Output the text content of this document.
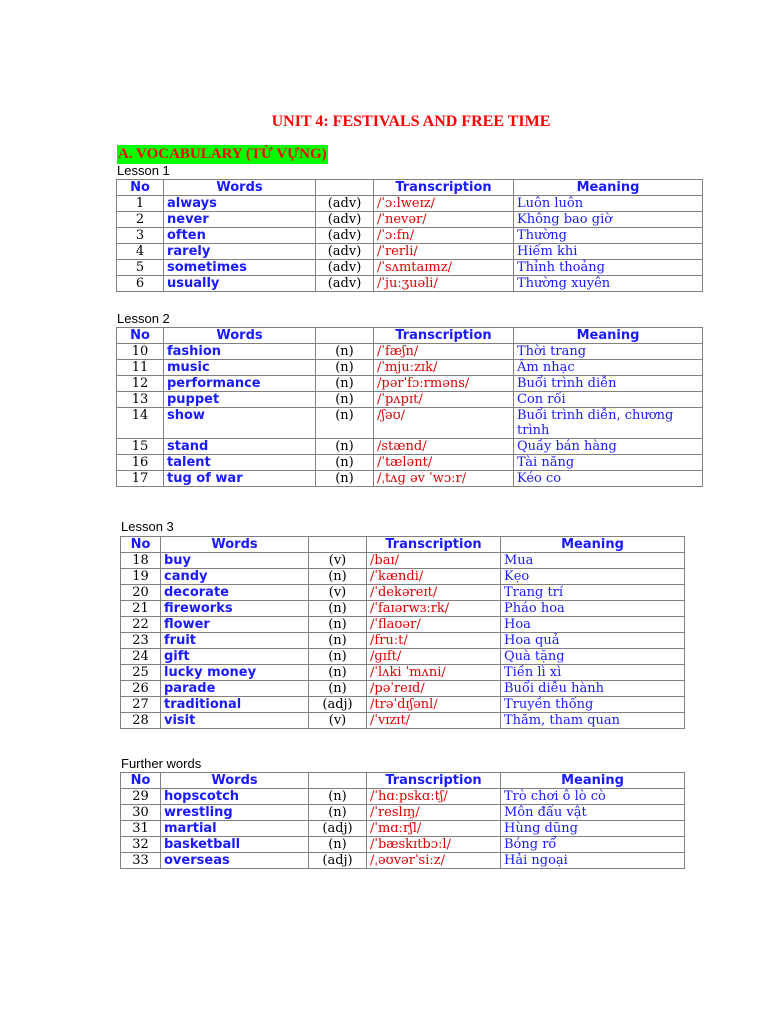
UNIT 4: FESTIVALS AND FREE TIME
A. VOCABULARY (TỪ VỰNG)
Lesson 1
No	Words		Transcription	Meaning
1	always	(adv)	/ˈɔːlweɪz/	Luôn luôn
2	never	(adv)	/ˈnevər/	Không bao giờ
3	often	(adv)	/ˈɔːfn/	Thường
4	rarely	(adv)	/ˈrerli/	Hiếm khi
5	sometimes	(adv)	/ˈsʌmtaɪmz/	Thỉnh thoảng
6	usually	(adv)	/ˈjuːʒuəli/	Thường xuyên
Lesson 2
No	Words		Transcription	Meaning
10	fashion	(n)	/ˈfæʃn/	Thời trang
11	music	(n)	/ˈmjuːzɪk/	Âm nhạc
12	performance	(n)	/pərˈfɔːrməns/	Buổi trình diễn
13	puppet	(n)	/ˈpʌpɪt/	Con rối
14	show	(n)	/ʃəʊ/	Buổi trình diễn, chương trình
15	stand	(n)	/stænd/	Quầy bán hàng
16	talent	(n)	/ˈtælənt/	Tài năng
17	tug of war	(n)	/ˌtʌɡ əv ˈwɔːr/	Kéo co
Lesson 3
No	Words		Transcription	Meaning
18	buy	(v)	/baɪ/	Mua
19	candy	(n)	/ˈkændi/	Kẹo
20	decorate	(v)	/ˈdekəreɪt/	Trang trí
21	fireworks	(n)	/ˈfaɪərwɜːrk/	Pháo hoa
22	flower	(n)	/ˈflaʊər/	Hoa
23	fruit	(n)	/fruːt/	Hoa quả
24	gift	(n)	/ɡɪft/	Quà tặng
25	lucky money	(n)	/ˈlʌki ˈmʌni/	Tiền lì xì
26	parade	(n)	/pəˈreɪd/	Buổi diễu hành
27	traditional	(adj)	/trəˈdɪʃənl/	Truyền thống
28	visit	(v)	/ˈvɪzɪt/	Thăm, tham quan
Further words
No	Words		Transcription	Meaning
29	hopscotch	(n)	/ˈhɑːpskɑːtʃ/	Trò chơi ô lò cò
30	wrestling	(n)	/ˈreslɪŋ/	Môn đấu vật
31	martial	(adj)	/ˈmɑːrʃl/	Hùng dũng
32	basketball	(n)	/ˈbæskɪtbɔːl/	Bóng rổ
33	overseas	(adj)	/ˌəʊvərˈsiːz/	Hải ngoại
